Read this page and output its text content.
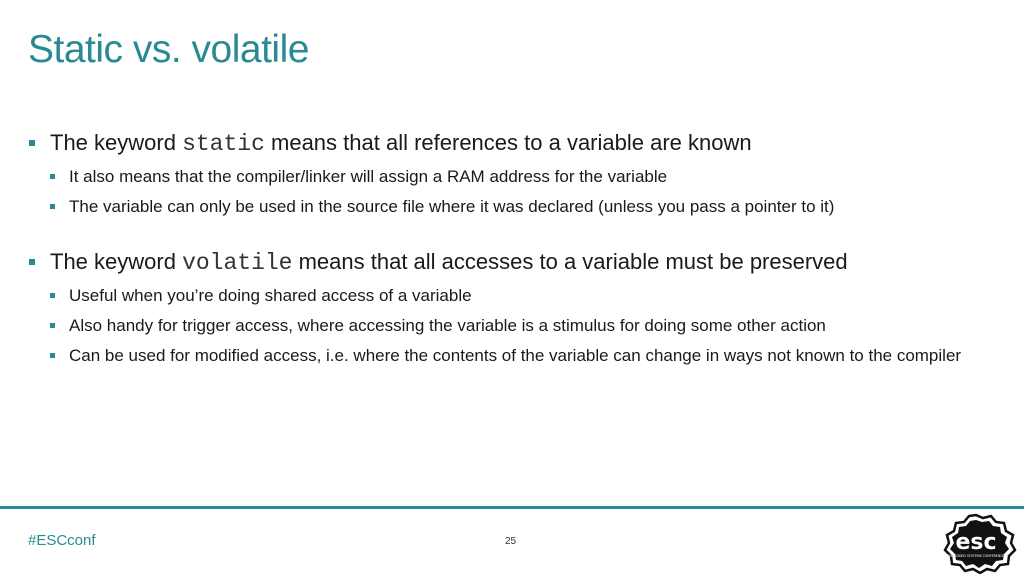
Static vs. volatile
The keyword static means that all references to a variable are known
It also means that the compiler/linker will assign a RAM address for the variable
The variable can only be used in the source file where it was declared (unless you pass a pointer to it)
The keyword volatile means that all accesses to a variable must be preserved
Useful when you’re doing shared access of a variable
Also handy for trigger access, where accessing the variable is a stimulus for doing some other action
Can be used for modified access, i.e. where the contents of the variable can change in ways not known to the compiler
#ESCconf	25	esc
EMBEDDED SYSTEMS CONFERENCE
